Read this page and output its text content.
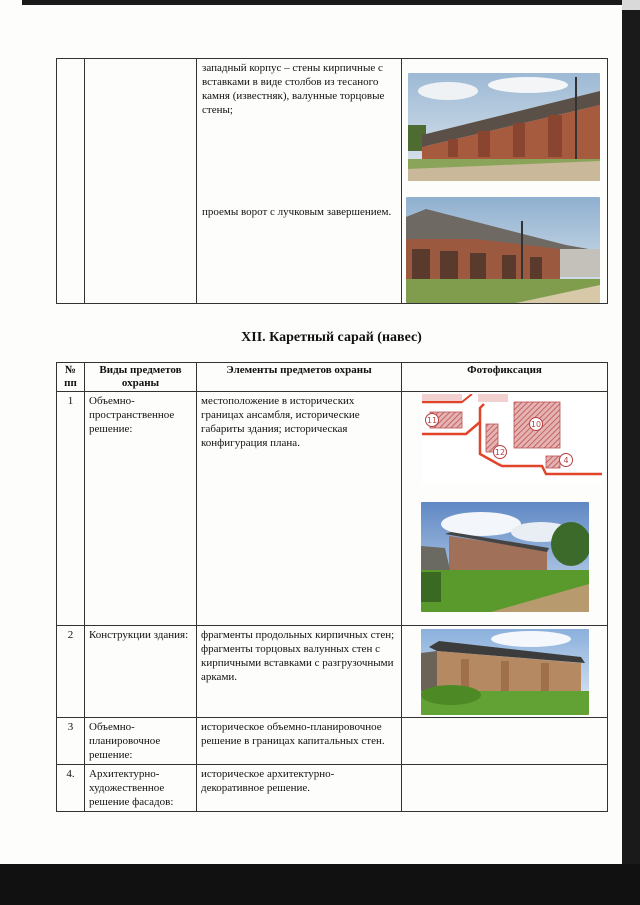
западный корпус – стены кирпичные с вставками в виде столбов из тесаного камня (известняк), валунные торцовые стены;
проемы ворот с лучковым завершением.

XII. Каретный сарай (навес)
№ пп	Виды предметов охраны	Элементы предметов охраны	Фотофиксация
1	Объемно-пространственное решение:	местоположение в исторических границах ансамбля, исторические габариты здания; историческая конфигурация плана.	11 10
12
4

2	Конструкции здания:	фрагменты продольных кирпичных стен; фрагменты торцовых валунных стен с кирпичными вставками с разгрузочными арками.	

3	Объемно-планировочное решение:	историческое объемно-планировочное решение в границах капитальных стен.	
4.	Архитектурно-художественное решение фасадов:	историческое архитектурно-декоративное решение.	
